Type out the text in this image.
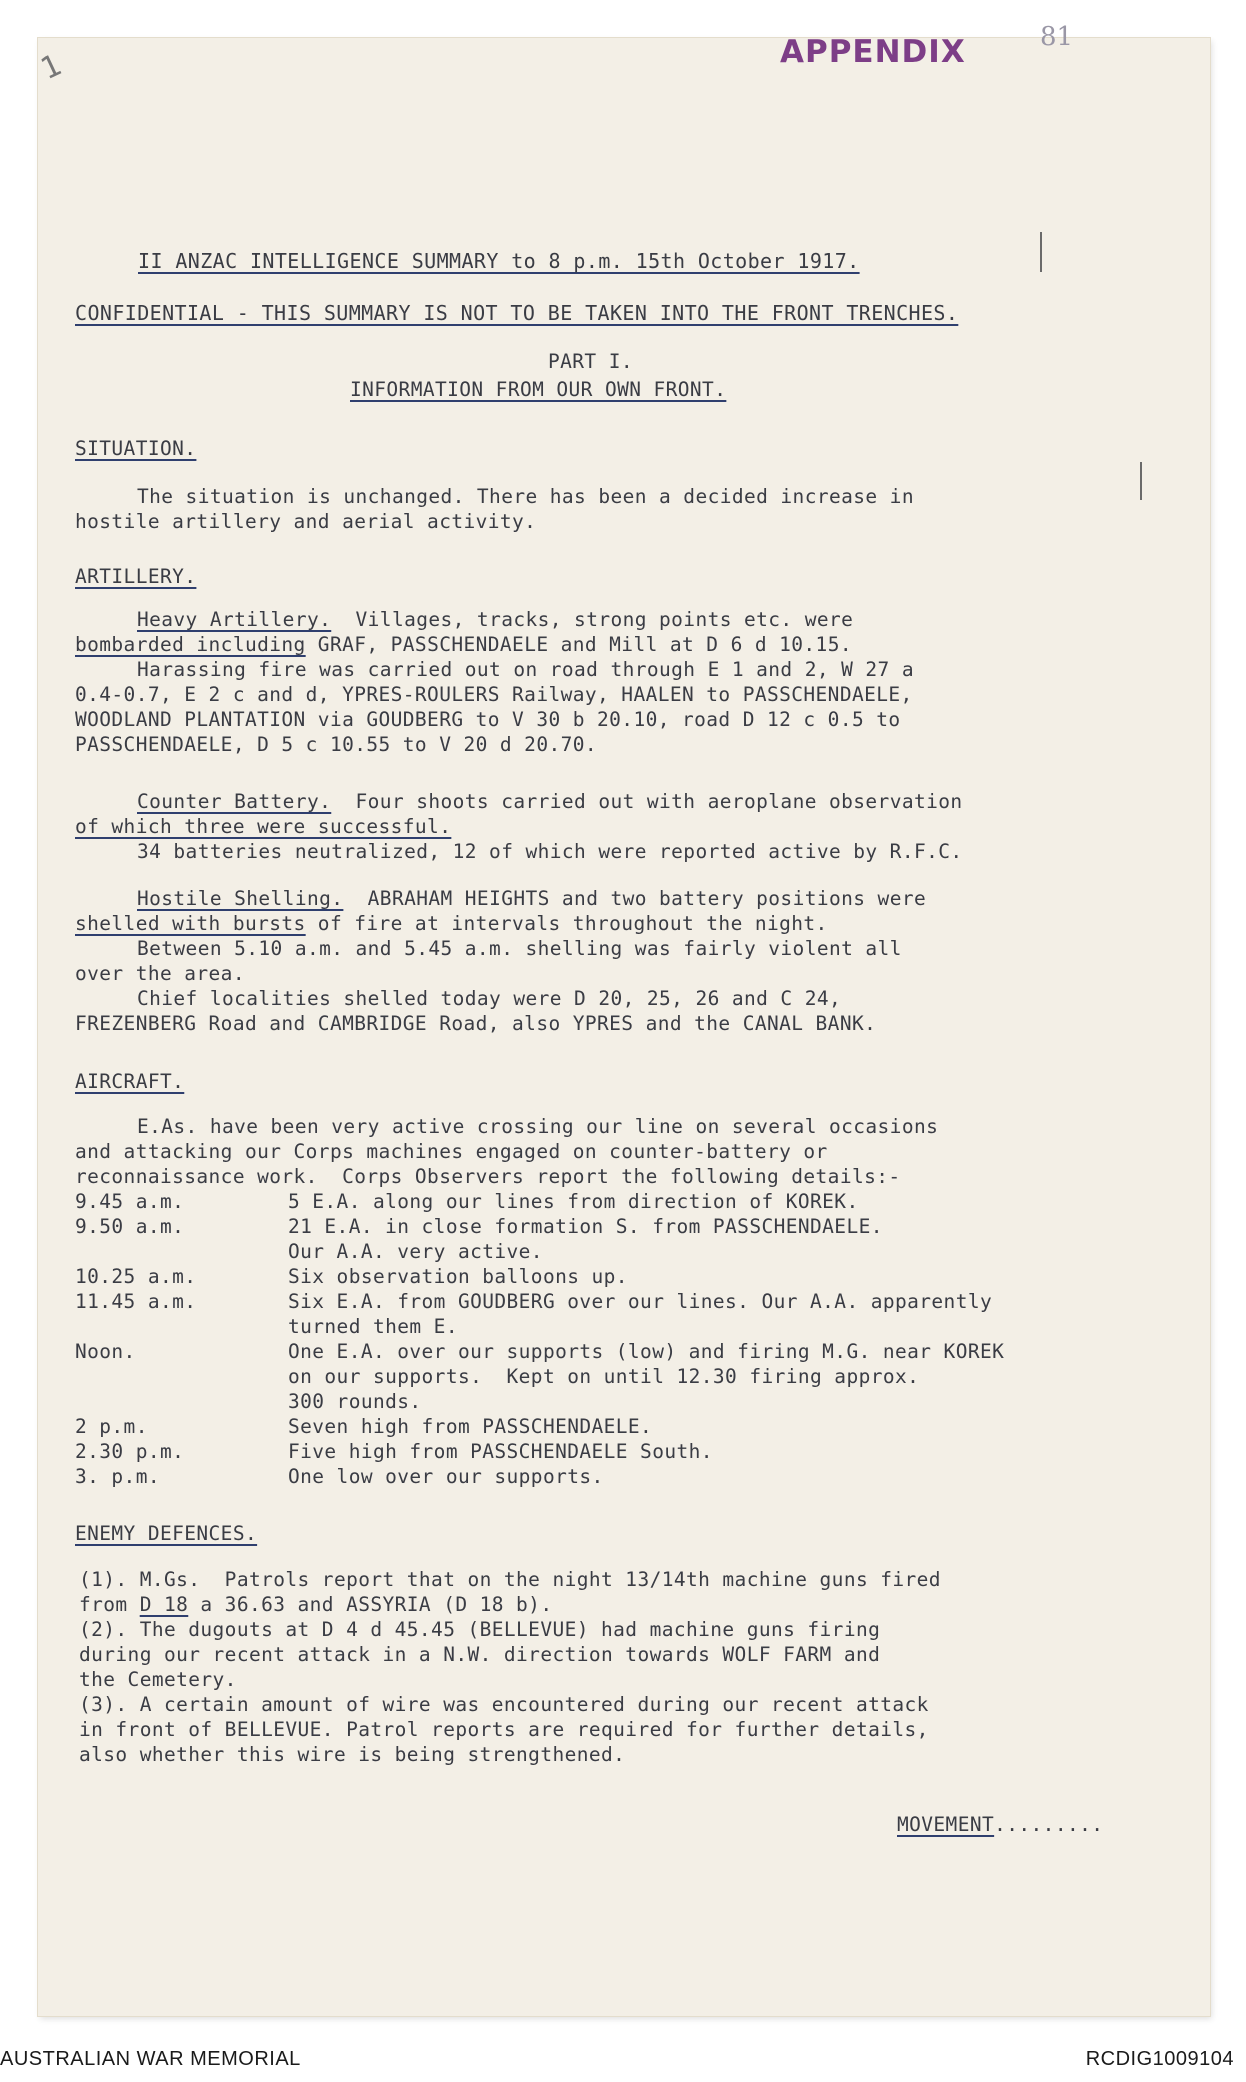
1	APPENDIX	81
II ANZAC INTELLIGENCE SUMMARY to 8 p.m. 15th October 1917.
CONFIDENTIAL - THIS SUMMARY IS NOT TO BE TAKEN INTO THE FRONT TRENCHES.
PART I.
INFORMATION FROM OUR OWN FRONT.
SITUATION.
The situation is unchanged. There has been a decided increase in
hostile artillery and aerial activity.
ARTILLERY.
Heavy Artillery. Villages, tracks, strong points etc. were
bombarded including GRAF, PASSCHENDAELE and Mill at D 6 d 10.15.
Harassing fire was carried out on road through E 1 and 2, W 27 a
0.4-0.7, E 2 c and d, YPRES-ROULERS Railway, HAALEN to PASSCHENDAELE,
WOODLAND PLANTATION via GOUDBERG to V 30 b 20.10, road D 12 c 0.5 to
PASSCHENDAELE, D 5 c 10.55 to V 20 d 20.70.
Counter Battery. Four shoots carried out with aeroplane observation
of which three were successful.
34 batteries neutralized, 12 of which were reported active by R.F.C.
Hostile Shelling. ABRAHAM HEIGHTS and two battery positions were
shelled with bursts of fire at intervals throughout the night.
Between 5.10 a.m. and 5.45 a.m. shelling was fairly violent all
over the area.
Chief localities shelled today were D 20, 25, 26 and C 24,
FREZENBERG Road and CAMBRIDGE Road, also YPRES and the CANAL BANK.
AIRCRAFT.
E.As. have been very active crossing our line on several occasions
and attacking our Corps machines engaged on counter-battery or
reconnaissance work.  Corps Observers report the following details:-
9.45 a.m.	5 E.A. along our lines from direction of KOREK.
9.50 a.m.	21 E.A. in close formation S. from PASSCHENDAELE.
Our A.A. very active.
10.25 a.m.	Six observation balloons up.
11.45 a.m.	Six E.A. from GOUDBERG over our lines. Our A.A. apparently
turned them E.
Noon.	One E.A. over our supports (low) and firing M.G. near KOREK
on our supports.  Kept on until 12.30 firing approx.
300 rounds.
2 p.m.	Seven high from PASSCHENDAELE.
2.30 p.m.	Five high from PASSCHENDAELE South.
3. p.m.	One low over our supports.
ENEMY DEFENCES.
(1). M.Gs.  Patrols report that on the night 13/14th machine guns fired
from D 18 a 36.63 and ASSYRIA (D 18 b).
(2). The dugouts at D 4 d 45.45 (BELLEVUE) had machine guns firing
during our recent attack in a N.W. direction towards WOLF FARM and
the Cemetery.
(3). A certain amount of wire was encountered during our recent attack
in front of BELLEVUE. Patrol reports are required for further details,
also whether this wire is being strengthened.
MOVEMENT.........
AUSTRALIAN WAR MEMORIAL	RCDIG1009104
